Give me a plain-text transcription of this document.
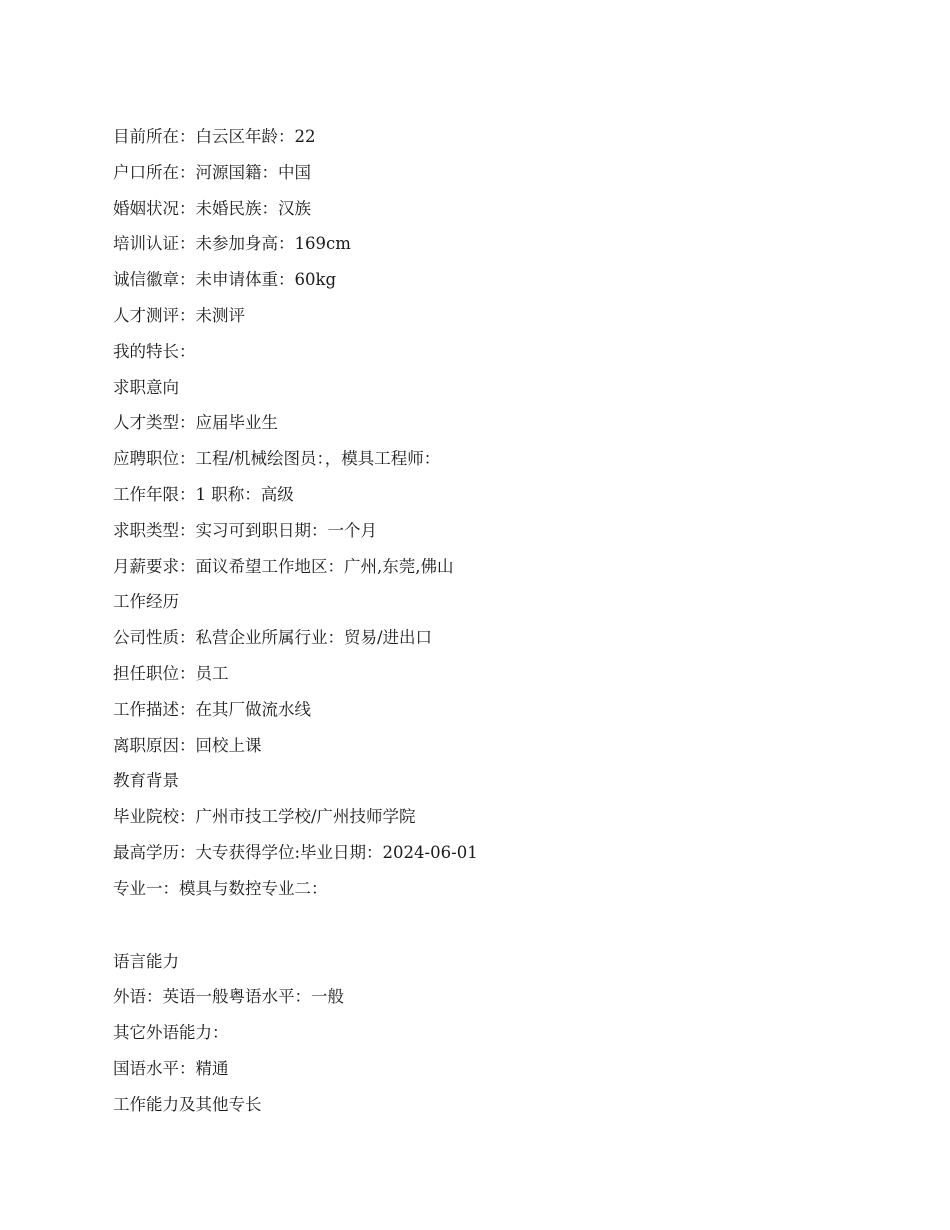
目前所在：白云区年龄：22
户口所在：河源国籍：中国
婚姻状况：未婚民族：汉族
培训认证：未参加身高：169cm
诚信徽章：未申请体重：60kg
人才测评：未测评
我的特长：
求职意向
人才类型：应届毕业生
应聘职位：工程/机械绘图员：，模具工程师：
工作年限：1 职称：高级
求职类型：实习可到职日期：一个月
月薪要求：面议希望工作地区：广州,东莞,佛山
工作经历
公司性质：私营企业所属行业：贸易/进出口
担任职位：员工
工作描述：在其厂做流水线
离职原因：回校上课
教育背景
毕业院校：广州市技工学校/广州技师学院
最高学历：大专获得学位:毕业日期：2024-06-01
专业一：模具与数控专业二：
语言能力
外语：英语一般粤语水平：一般
其它外语能力：
国语水平：精通
工作能力及其他专长
